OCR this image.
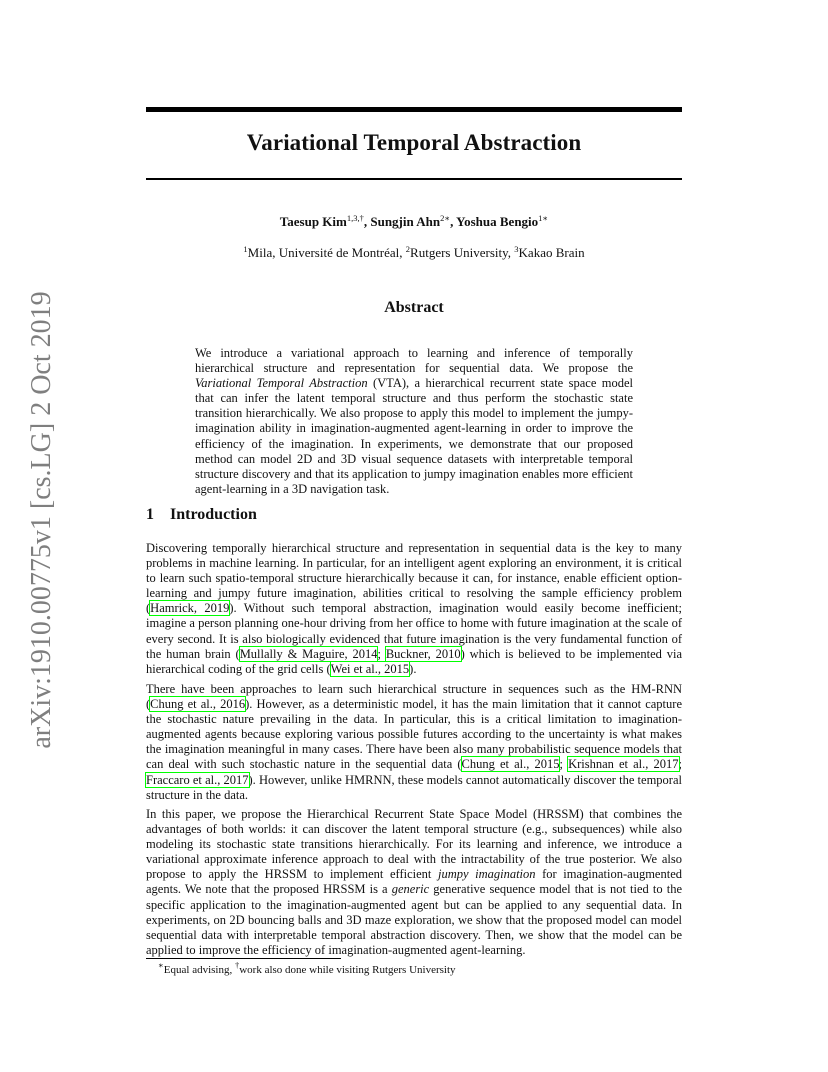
arXiv:1910.00775v1 [cs.LG] 2 Oct 2019
Variational Temporal Abstraction
Taesup Kim$^{1,3,\dagger}$, Sungjin Ahn$^{2∗}$, Yoshua Bengio$^{1∗}$
$^1$Mila, Université de Montréal, $^2$Rutgers University, $^3$Kakao Brain
Abstract
We introduce a variational approach to learning and inference of temporally hierarchical structure and representation for sequential data. We propose the Variational Temporal Abstraction (VTA), a hierarchical recurrent state space model that can infer the latent temporal structure and thus perform the stochastic state transition hierarchically. We also propose to apply this model to implement the jumpy-imagination ability in imagination-augmented agent-learning in order to improve the efficiency of the imagination. In experiments, we demonstrate that our proposed method can model 2D and 3D visual sequence datasets with interpretable temporal structure discovery and that its application to jumpy imagination enables more efficient agent-learning in a 3D navigation task.
1 Introduction

Discovering temporally hierarchical structure and representation in sequential data is the key to many problems in machine learning. In particular, for an intelligent agent exploring an environment, it is critical to learn such spatio-temporal structure hierarchically because it can, for instance, enable efficient option-learning and jumpy future imagination, abilities critical to resolving the sample efficiency problem (Hamrick, 2019). Without such temporal abstraction, imagination would easily become inefficient; imagine a person planning one-hour driving from her office to home with future imagination at the scale of every second. It is also biologically evidenced that future imagination is the very fundamental function of the human brain (Mullally & Maguire, 2014; Buckner, 2010) which is believed to be implemented via hierarchical coding of the grid cells (Wei et al., 2015).

There have been approaches to learn such hierarchical structure in sequences such as the HM-RNN (Chung et al., 2016). However, as a deterministic model, it has the main limitation that it cannot capture the stochastic nature prevailing in the data. In particular, this is a critical limitation to imagination-augmented agents because exploring various possible futures according to the uncertainty is what makes the imagination meaningful in many cases. There have been also many probabilistic sequence models that can deal with such stochastic nature in the sequential data (Chung et al., 2015; Krishnan et al., 2017; Fraccaro et al., 2017). However, unlike HMRNN, these models cannot automatically discover the temporal structure in the data.

In this paper, we propose the Hierarchical Recurrent State Space Model (HRSSM) that combines the advantages of both worlds: it can discover the latent temporal structure (e.g., subsequences) while also modeling its stochastic state transitions hierarchically. For its learning and inference, we introduce a variational approximate inference approach to deal with the intractability of the true posterior. We also propose to apply the HRSSM to implement efficient jumpy imagination for imagination-augmented agents. We note that the proposed HRSSM is a generic generative sequence model that is not tied to the specific application to the imagination-augmented agent but can be applied to any sequential data. In experiments, on 2D bouncing balls and 3D maze exploration, we show that the proposed model can model sequential data with interpretable temporal abstraction discovery. Then, we show that the model can be applied to improve the efficiency of imagination-augmented agent-learning.

∗Equal advising, †work also done while visiting Rutgers University
